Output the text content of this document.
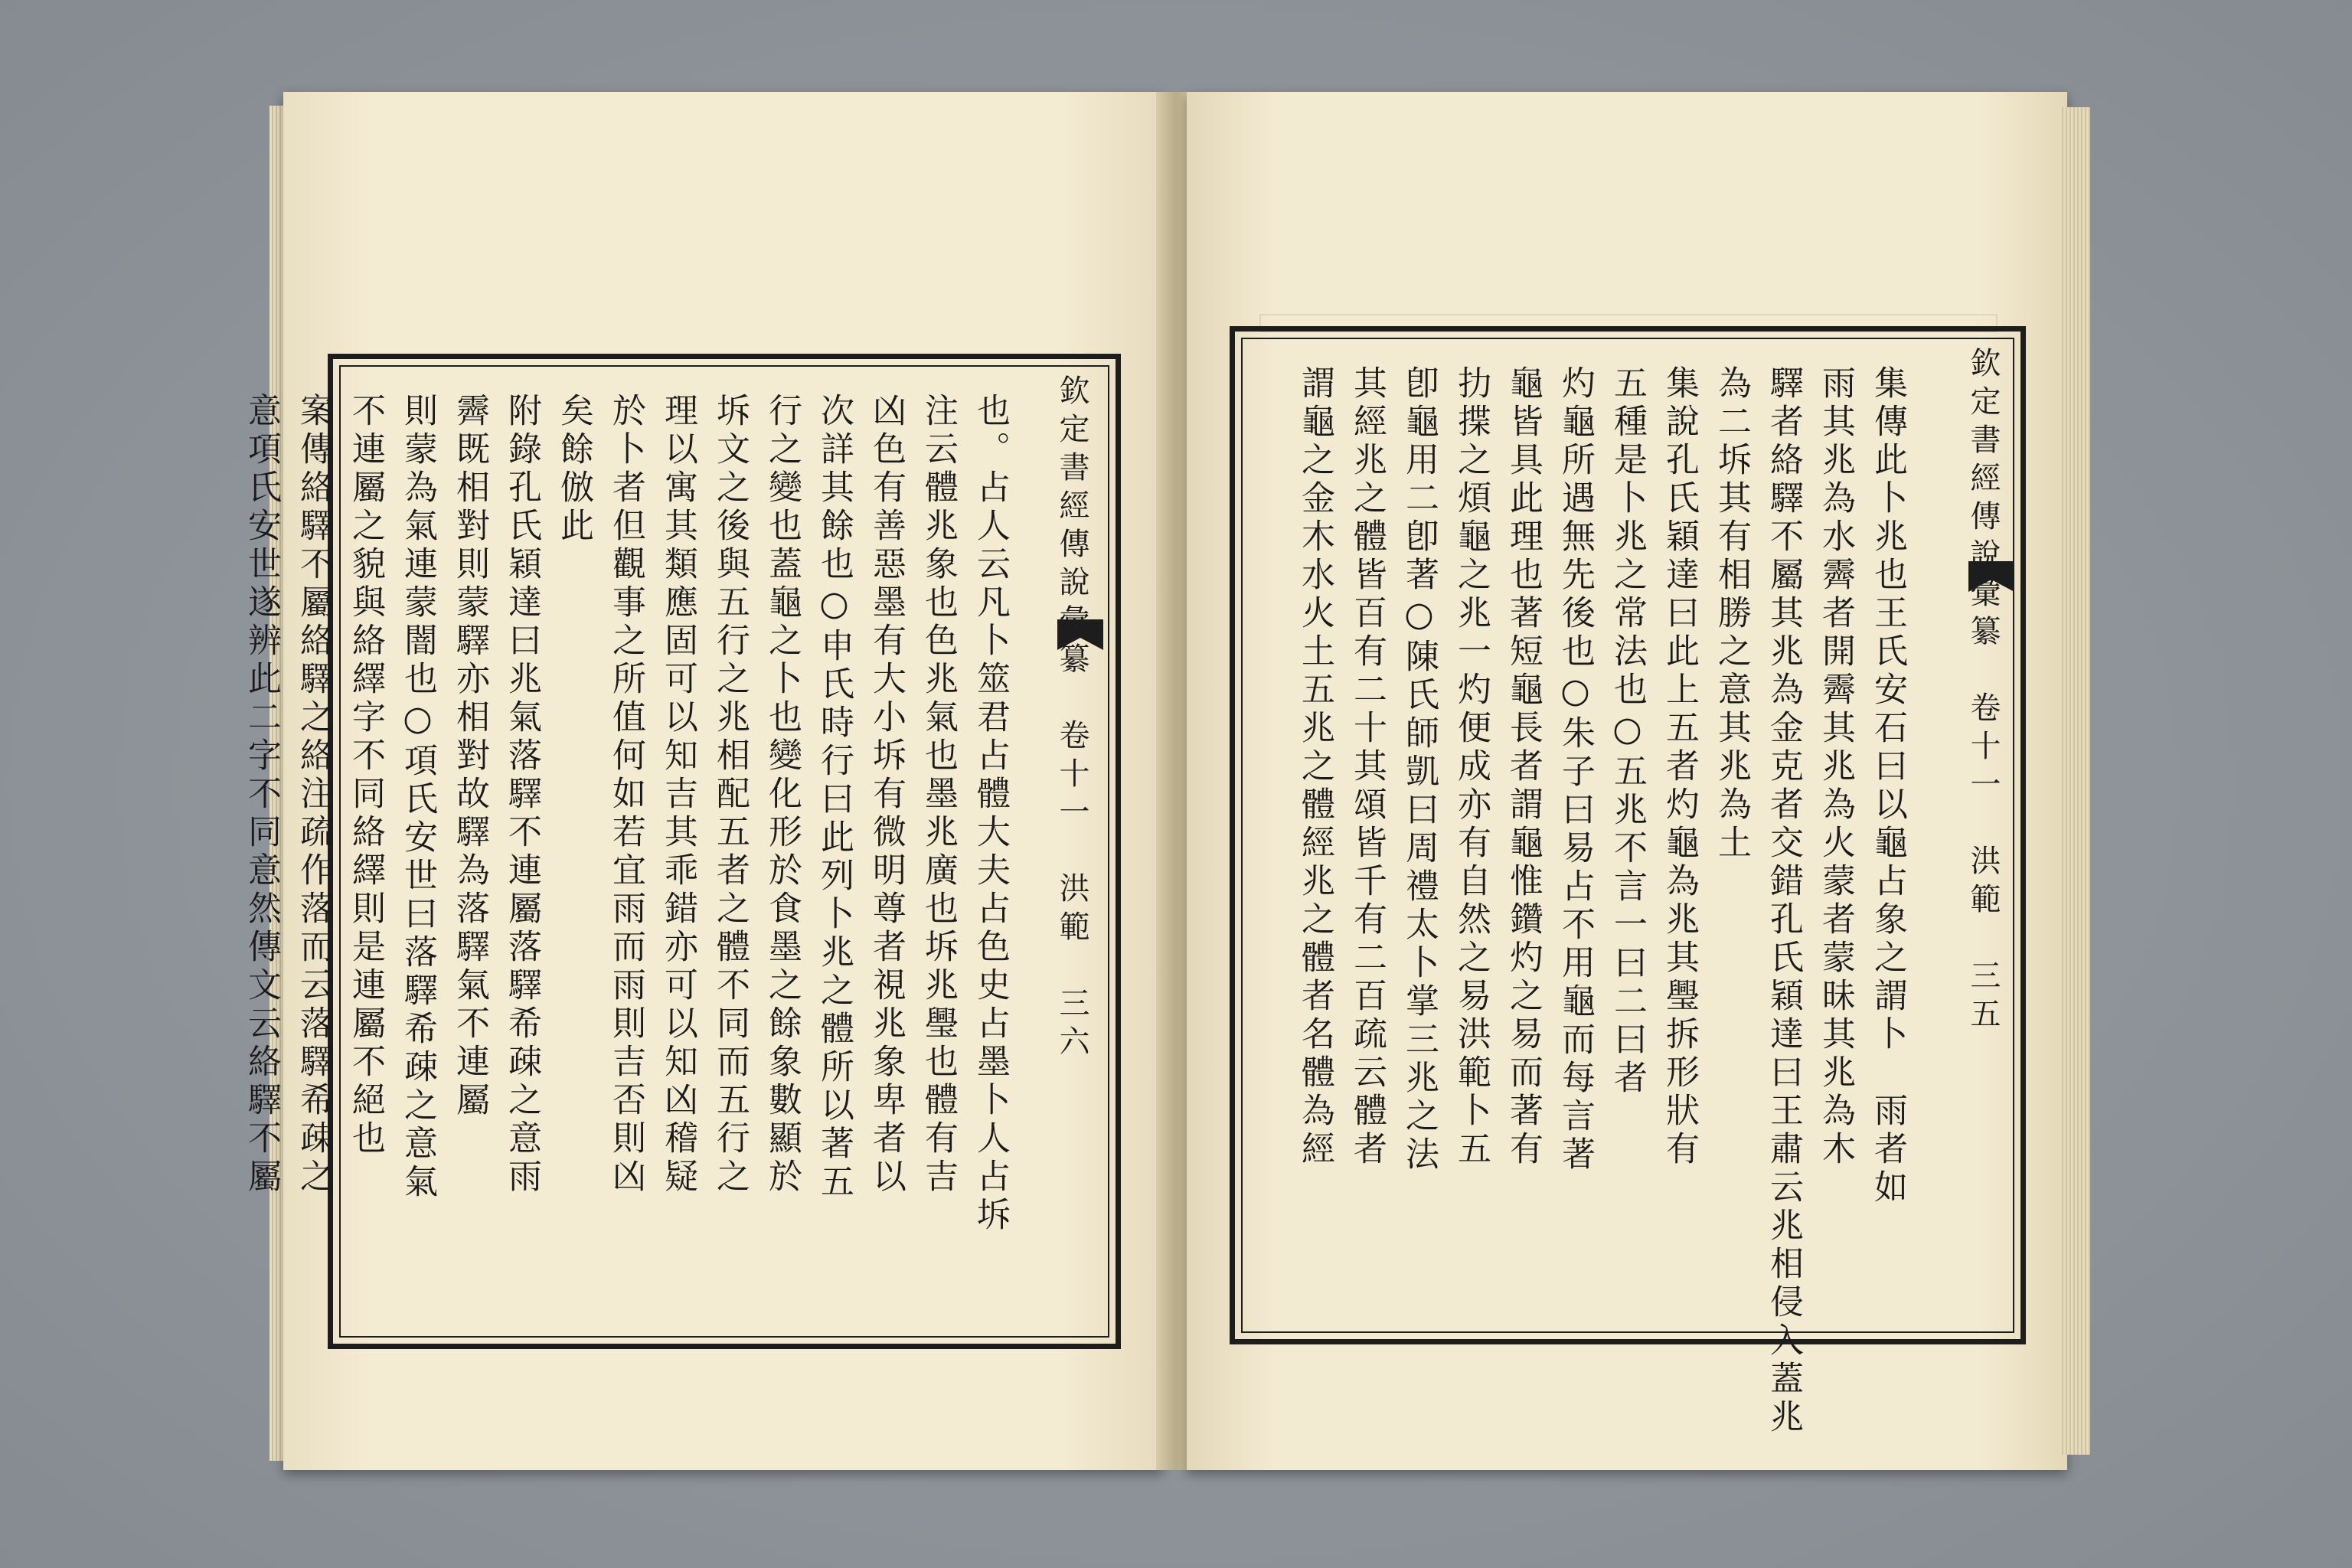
欽定書經傳說彙纂　卷十一　洪範　三六
也。占人云凡卜筮君占體大夫占色史占墨卜人占坼
注云體兆象也色兆氣也墨兆廣也坼兆璺也體有吉
凶色有善惡墨有大小坼有微明尊者視兆象卑者以
次詳其餘也○申氏時行曰此列卜兆之體所以著五
行之變也蓋龜之卜也變化形於食墨之餘象數顯於
坼文之後與五行之兆相配五者之體不同而五行之
理以寓其類應固可以知吉其乖錯亦可以知凶稽疑
於卜者但觀事之所值何如若宜雨而雨則吉否則凶
矣餘倣此
附錄孔氏穎達曰兆氣落驛不連屬落驛希疎之意雨
霽既相對則蒙驛亦相對故驛為落驛氣不連屬
則蒙為氣連蒙闇也○項氏安世曰落驛希疎之意氣
不連屬之貌與絡繹字不同絡繹則是連屬不絕也
案傳絡驛不屬絡驛之絡注疏作落而云落驛希疎之
意項氏安世遂辨此二字不同意然傳文云絡驛不屬	欽定書經傳說彙纂　卷十一　洪範　三五
集傳此卜兆也王氏安石曰以龜占象之謂卜　雨者如
雨其兆為水霽者開霽其兆為火蒙者蒙昧其兆為木
驛者絡驛不屬其兆為金克者交錯孔氏穎達曰王肅云兆相侵入蓋兆
為二坼其有相勝之意其兆為土
集說孔氏穎達曰此上五者灼龜為兆其璺拆形狀有
五種是卜兆之常法也○五兆不言一曰二曰者
灼龜所遇無先後也○朱子曰易占不用龜而每言著
龜皆具此理也著短龜長者謂龜惟鑽灼之易而著有
扐揲之煩龜之兆一灼便成亦有自然之易洪範卜五
卽龜用二卽著○陳氏師凱曰周禮太卜掌三兆之法
其經兆之體皆百有二十其頌皆千有二百疏云體者
謂龜之金木水火土五兆之體經兆之體者名體為經
